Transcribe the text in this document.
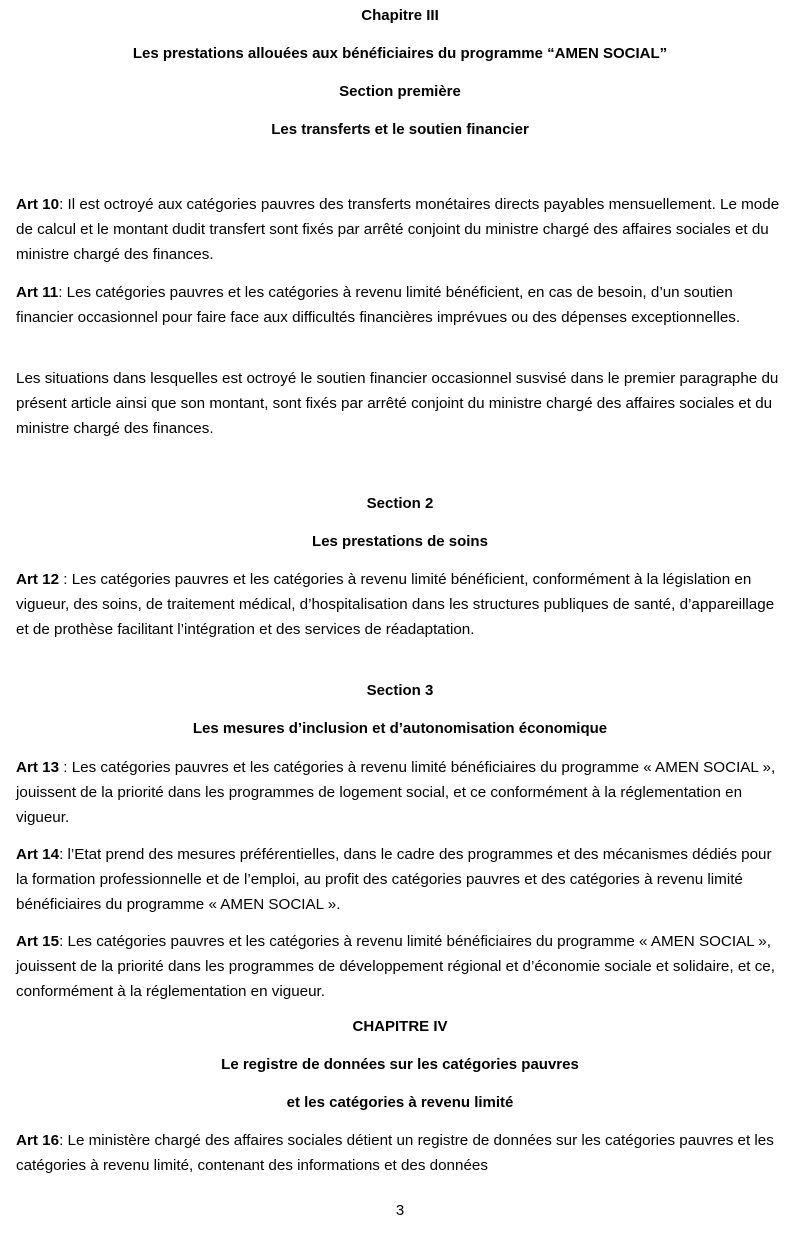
Chapitre III
Les prestations allouées aux bénéficiaires du programme “AMEN SOCIAL”
Section première
Les transferts et le soutien financier

Art 10: Il est octroyé aux catégories pauvres des transferts monétaires directs payables mensuellement. Le mode de calcul et le montant dudit transfert sont fixés par arrêté conjoint du ministre chargé des affaires sociales et du ministre chargé des finances.

Art 11: Les catégories pauvres et les catégories à revenu limité bénéficient, en cas de besoin, d’un soutien financier occasionnel pour faire face aux difficultés financières imprévues ou des dépenses exceptionnelles.

Les situations dans lesquelles est octroyé le soutien financier occasionnel susvisé dans le premier paragraphe du présent article ainsi que son montant, sont fixés par arrêté conjoint du ministre chargé des affaires sociales et du ministre chargé des finances.

Section 2
Les prestations de soins

Art 12 : Les catégories pauvres et les catégories à revenu limité bénéficient, conformément à la législation en vigueur, des soins, de traitement médical, d’hospitalisation dans les structures publiques de santé, d’appareillage et de prothèse facilitant l’intégration et des services de réadaptation.

Section 3
Les mesures d’inclusion et d’autonomisation économique

Art 13 : Les catégories pauvres et les catégories à revenu limité bénéficiaires du programme « AMEN SOCIAL », jouissent de la priorité dans les programmes de logement social, et ce conformément à la réglementation en vigueur.

Art 14: l’Etat prend des mesures préférentielles, dans le cadre des programmes et des mécanismes dédiés pour la formation professionnelle et de l’emploi, au profit des catégories pauvres et des catégories à revenu limité bénéficiaires du programme « AMEN SOCIAL ».

Art 15: Les catégories pauvres et les catégories à revenu limité bénéficiaires du programme « AMEN SOCIAL », jouissent de la priorité dans les programmes de développement régional et d’économie sociale et solidaire, et ce, conformément à la réglementation en vigueur.

CHAPITRE IV
Le registre de données sur les catégories pauvres
et les catégories à revenu limité

Art 16: Le ministère chargé des affaires sociales détient un registre de données sur les catégories pauvres et les catégories à revenu limité, contenant des informations et des données

3
